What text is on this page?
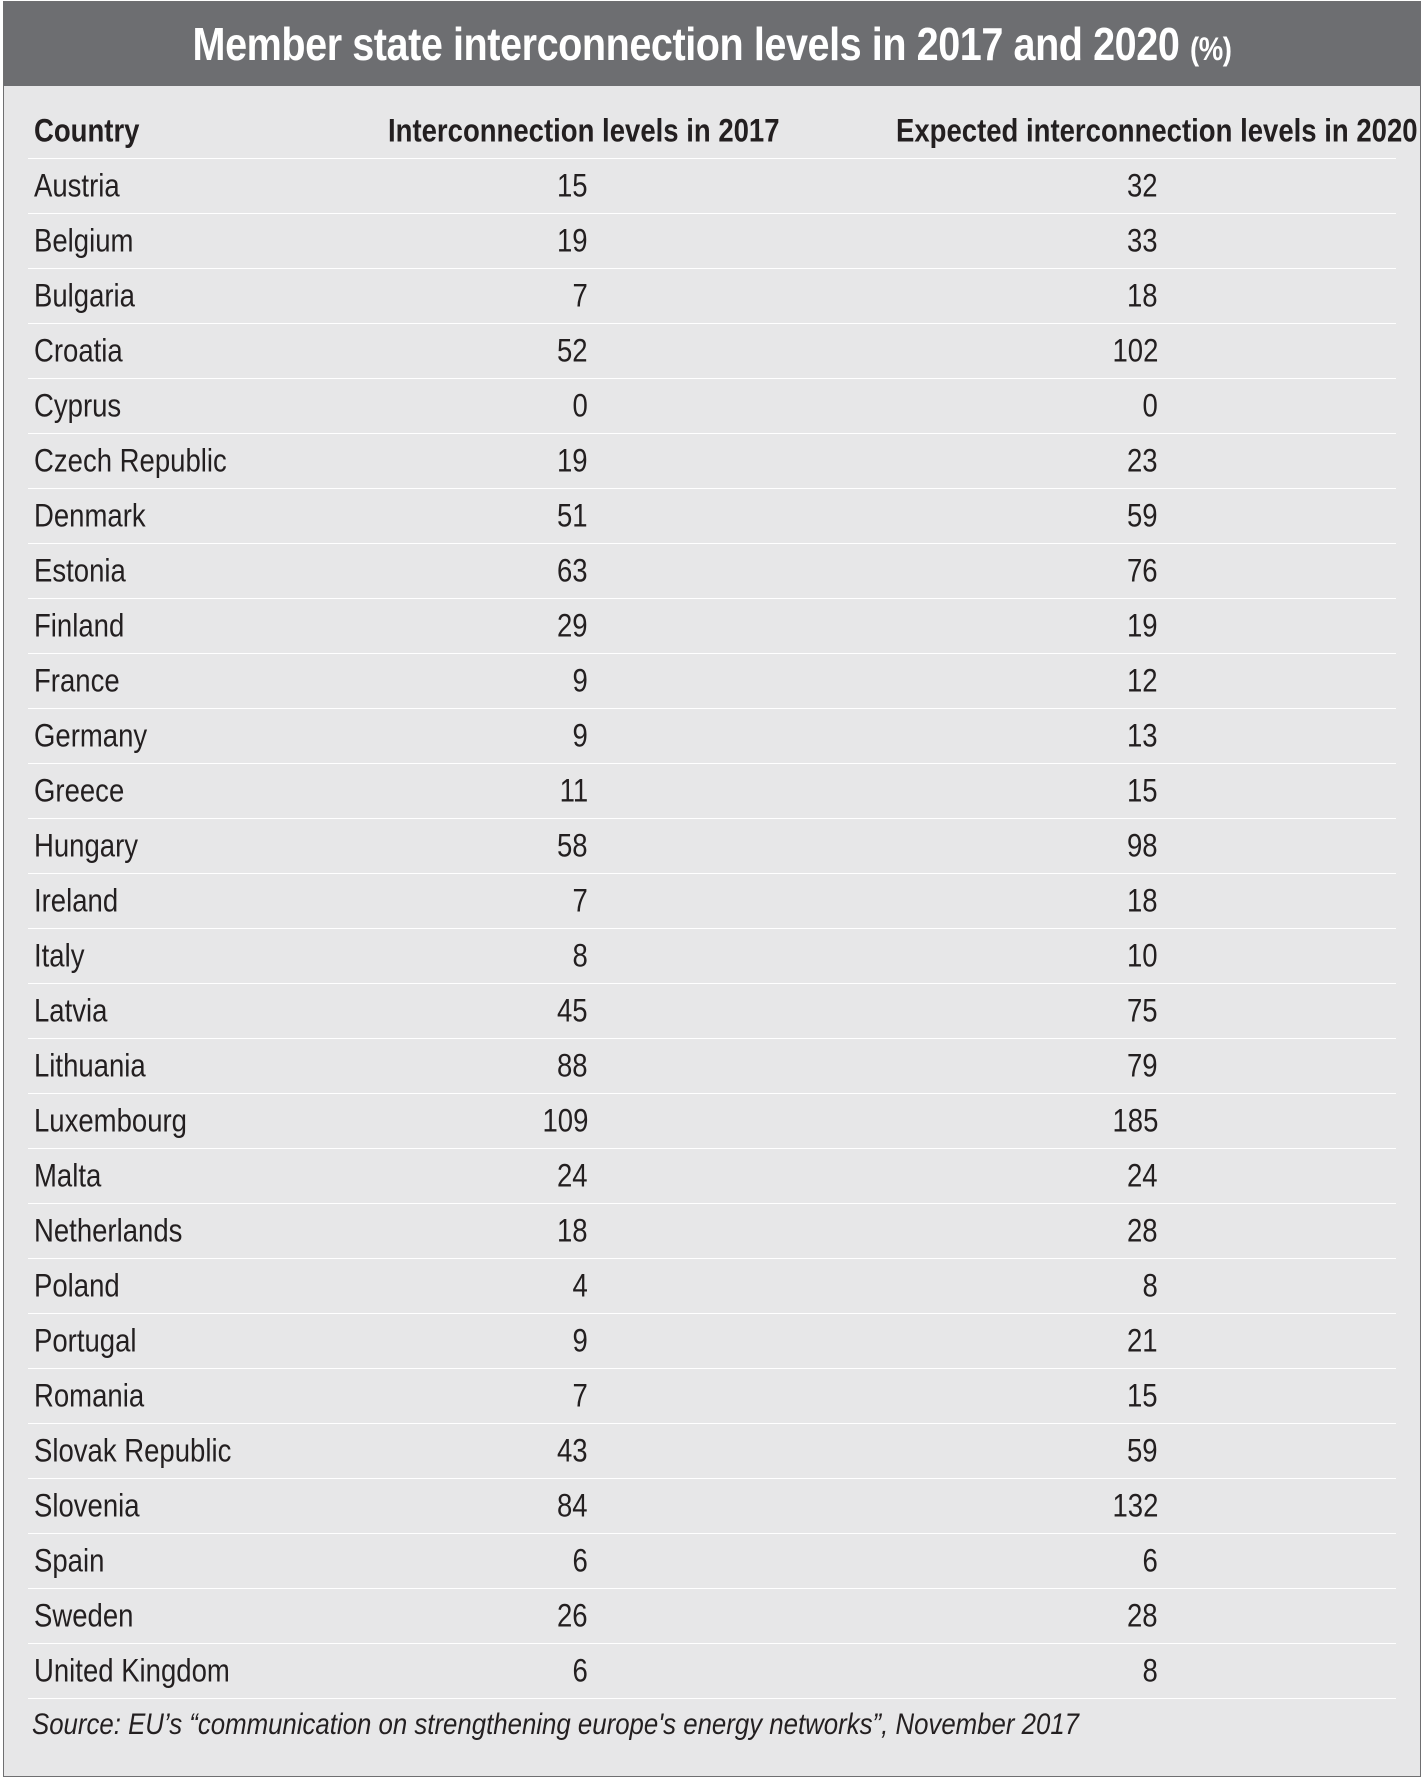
Member state interconnection levels in 2017 and 2020 (%)
Country	Interconnection levels in 2017	Expected interconnection levels in 2020
Austria	15	32
Belgium	19	33
Bulgaria	7	18
Croatia	52	102
Cyprus	0	0
Czech Republic	19	23
Denmark	51	59
Estonia	63	76
Finland	29	19
France	9	12
Germany	9	13
Greece	11	15
Hungary	58	98
Ireland	7	18
Italy	8	10
Latvia	45	75
Lithuania	88	79
Luxembourg	109	185
Malta	24	24
Netherlands	18	28
Poland	4	8
Portugal	9	21
Romania	7	15
Slovak Republic	43	59
Slovenia	84	132
Spain	6	6
Sweden	26	28
United Kingdom	6	8
Source: EU’s “communication on strengthening europe's energy networks”, November 2017
